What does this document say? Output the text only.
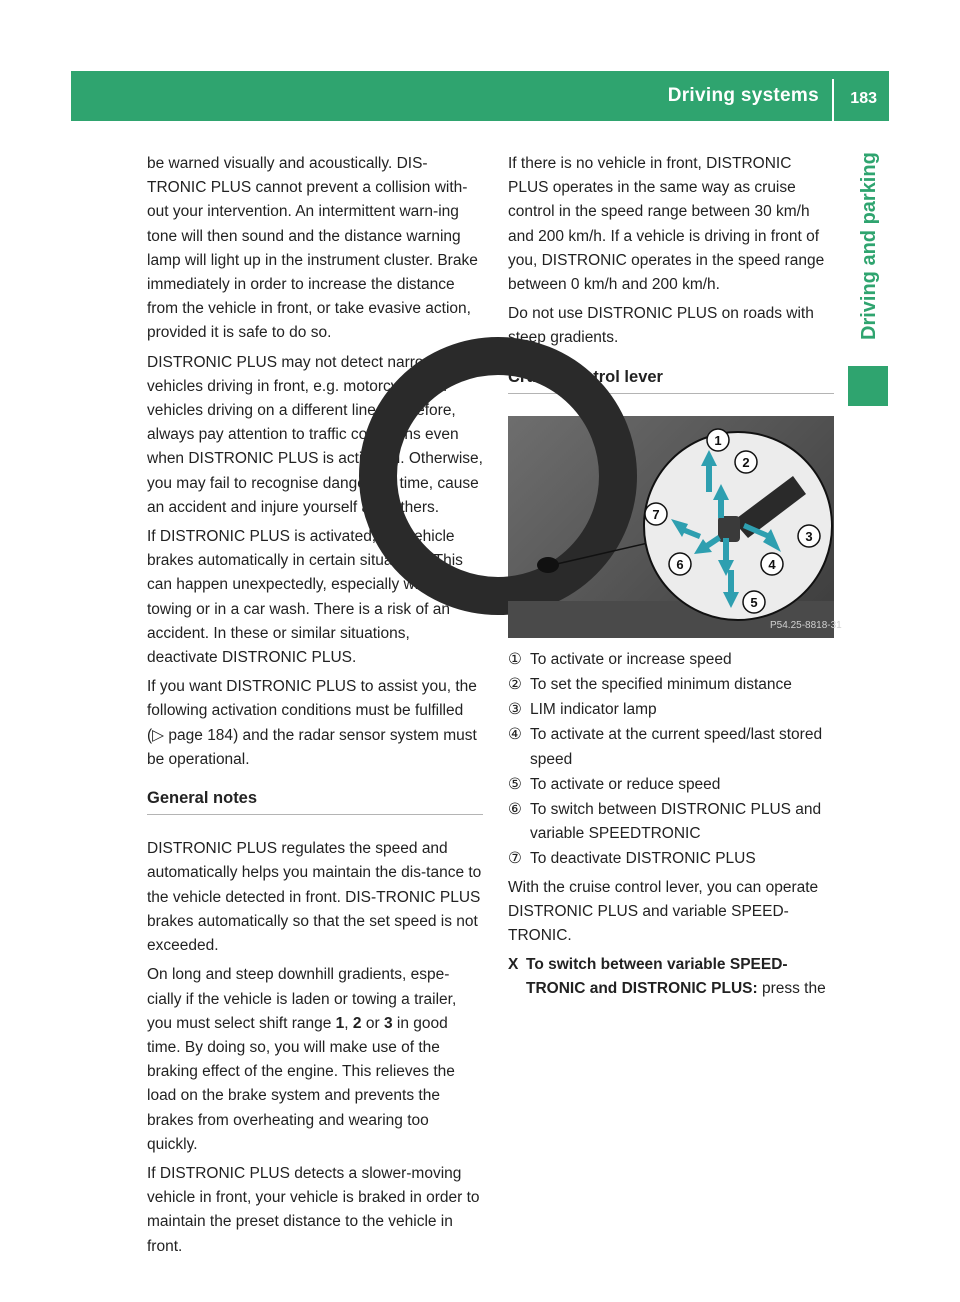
Driving systems 183
Driving and parking

be warned visually and acoustically. DIS-TRONIC PLUS cannot prevent a collision with-out your intervention. An intermittent warn-ing tone will then sound and the distance warning lamp will light up in the instrument cluster. Brake immediately in order to increase the distance from the vehicle in front, or take evasive action, provided it is safe to do so.

DISTRONIC PLUS may not detect narrow vehicles driving in front, e.g. motorcycles, or vehicles driving on a different line. Therefore, always pay attention to traffic conditions even when DISTRONIC PLUS is activated. Otherwise, you may fail to recognise dangers in time, cause an accident and injure yourself and others.

If DISTRONIC PLUS is activated, the vehicle brakes automatically in certain situations. This can happen unexpectedly, especially when towing or in a car wash. There is a risk of an accident. In these or similar situations, deactivate DISTRONIC PLUS.

If you want DISTRONIC PLUS to assist you, the following activation conditions must be fulfilled (▷ page 184) and the radar sensor system must be operational.

General notes

DISTRONIC PLUS regulates the speed and automatically helps you maintain the dis-tance to the vehicle detected in front. DIS-TRONIC PLUS brakes automatically so that the set speed is not exceeded.

On long and steep downhill gradients, espe-cially if the vehicle is laden or towing a trailer, you must select shift range 1, 2 or 3 in good time. By doing so, you will make use of the braking effect of the engine. This relieves the load on the brake system and prevents the brakes from overheating and wearing too quickly.

If DISTRONIC PLUS detects a slower-moving vehicle in front, your vehicle is braked in order to maintain the preset distance to the vehicle in front.

If there is no vehicle in front, DISTRONIC PLUS operates in the same way as cruise control in the speed range between 30 km/h and 200 km/h. If a vehicle is driving in front of you, DISTRONIC operates in the speed range between 0 km/h and 200 km/h.

Do not use DISTRONIC PLUS on roads with steep gradients.

Cruise control lever
1
2
3
4
5
6
7
P54.25-8818-31
① To activate or increase speed
② To set the specified minimum distance
③ LIM indicator lamp
④ To activate at the current speed/last stored speed
⑤ To activate or reduce speed
⑥ To switch between DISTRONIC PLUS and variable SPEEDTRONIC
⑦ To deactivate DISTRONIC PLUS

With the cruise control lever, you can operate DISTRONIC PLUS and variable SPEED-TRONIC.

X To switch between variable SPEED-TRONIC and DISTRONIC PLUS: press the
